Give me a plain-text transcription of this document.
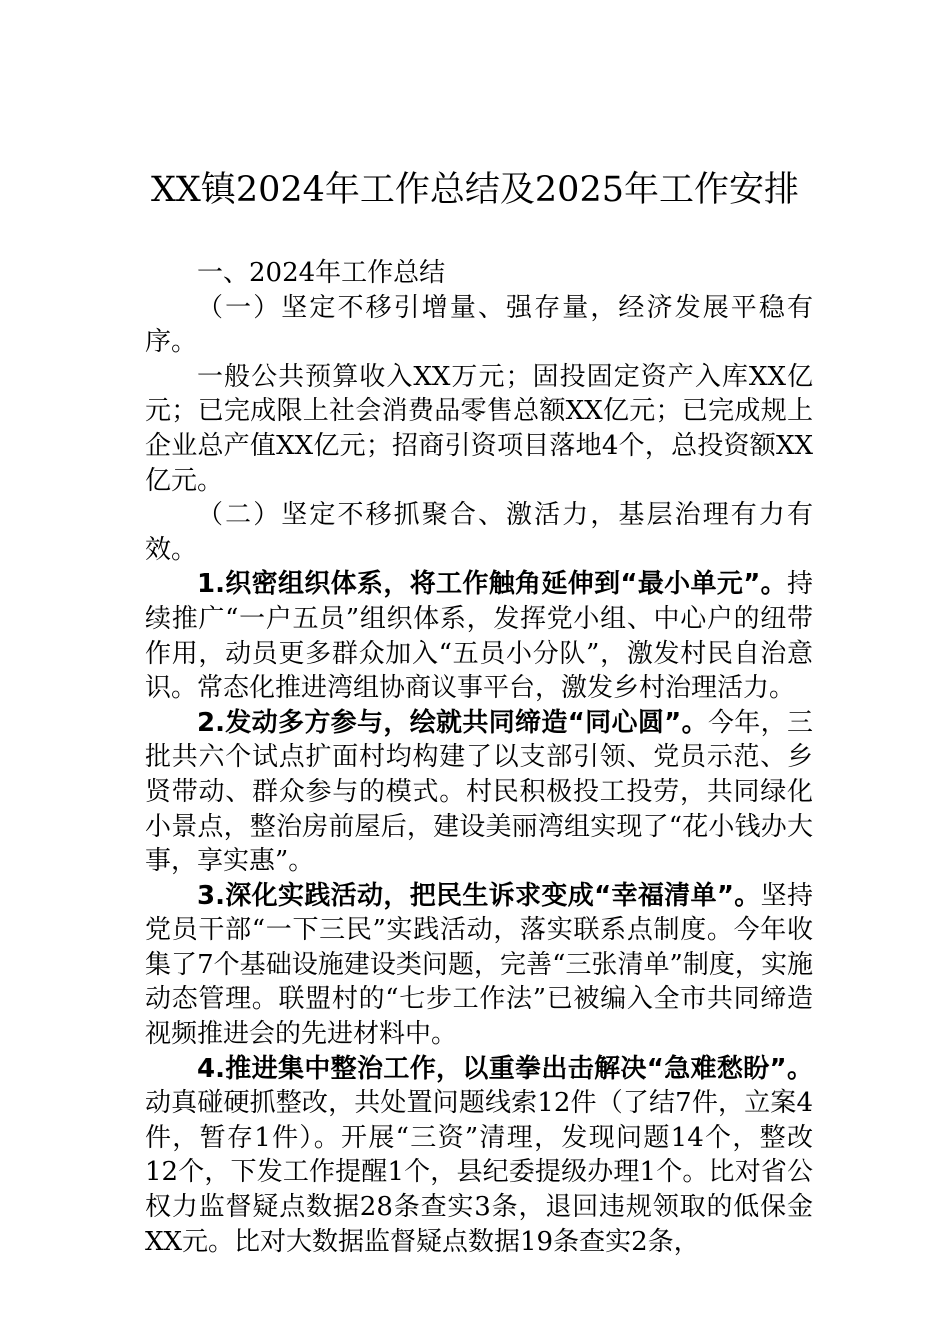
XX镇2024年工作总结及2025年工作安排

一、2024年工作总结

（一）坚定不移引增量、强存量，经济发展平稳有序。

一般公共预算收入XX万元；固投固定资产入库XX亿元；已完成限上社会消费品零售总额XX亿元；已完成规上企业总产值XX亿元；招商引资项目落地4个，总投资额XX亿元。

（二）坚定不移抓聚合、激活力，基层治理有力有效。

1.织密组织体系，将工作触角延伸到“最小单元”。持续推广“一户五员”组织体系，发挥党小组、中心户的纽带作用，动员更多群众加入“五员小分队”，激发村民自治意识。常态化推进湾组协商议事平台，激发乡村治理活力。

2.发动多方参与，绘就共同缔造“同心圆”。今年，三批共六个试点扩面村均构建了以支部引领、党员示范、乡贤带动、群众参与的模式。村民积极投工投劳，共同绿化小景点，整治房前屋后，建设美丽湾组实现了“花小钱办大事，享实惠”。

3.深化实践活动，把民生诉求变成“幸福清单”。坚持党员干部“一下三民”实践活动，落实联系点制度。今年收集了7个基础设施建设类问题，完善“三张清单”制度，实施动态管理。联盟村的“七步工作法”已被编入全市共同缔造视频推进会的先进材料中。

4.推进集中整治工作，以重拳出击解决“急难愁盼”。动真碰硬抓整改，共处置问题线索12件（了结7件，立案4件，暂存1件）。开展“三资”清理，发现问题14个，整改12个，下发工作提醒1个，县纪委提级办理1个。比对省公权力监督疑点数据28条查实3条，退回违规领取的低保金XX元。比对大数据监督疑点数据19条查实2条，
